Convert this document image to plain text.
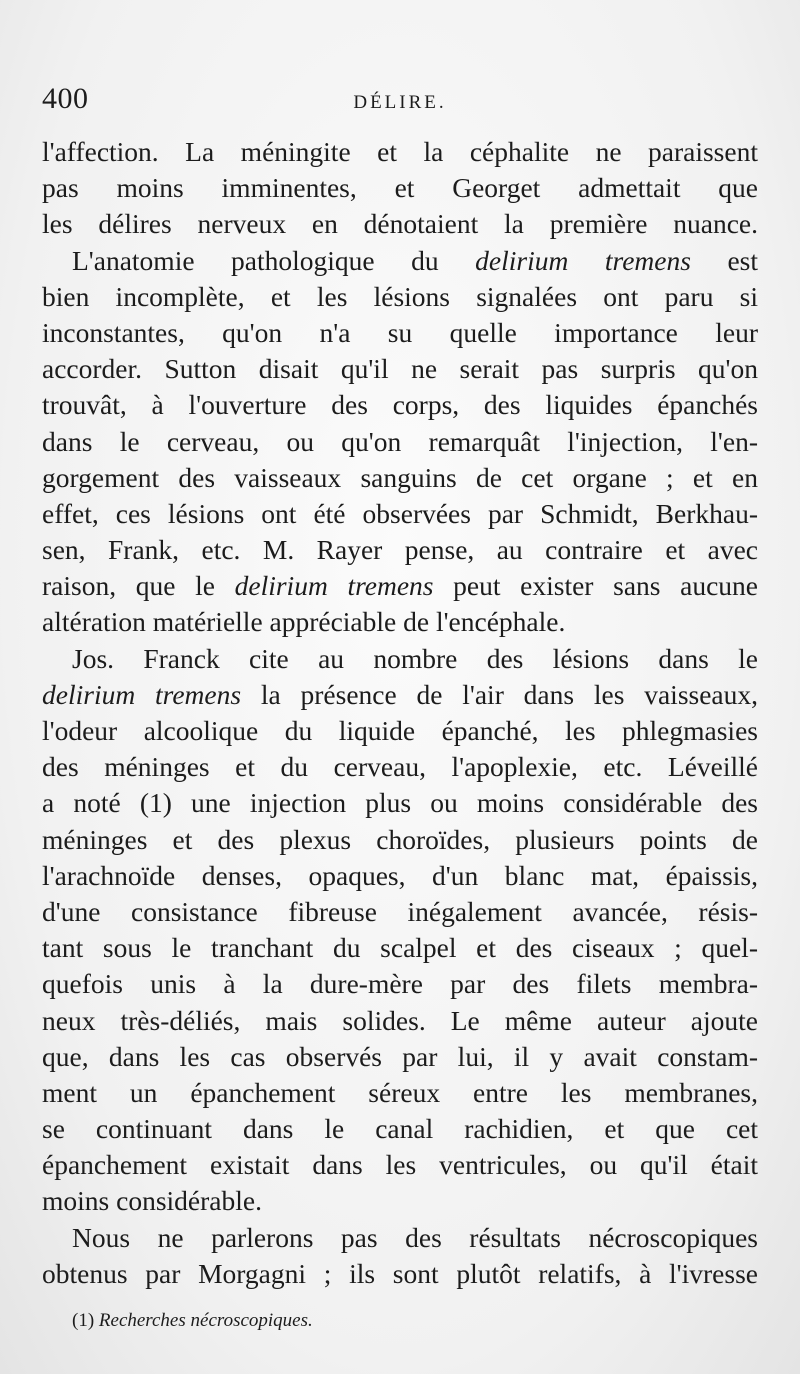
400	DÉLIRE.
l'affection. La méningite et la céphalite ne paraissent
pas moins imminentes, et Georget admettait que
les délires nerveux en dénotaient la première nuance.
L'anatomie pathologique du delirium tremens est
bien incomplète, et les lésions signalées ont paru si
inconstantes, qu'on n'a su quelle importance leur
accorder. Sutton disait qu'il ne serait pas surpris qu'on
trouvât, à l'ouverture des corps, des liquides épanchés
dans le cerveau, ou qu'on remarquât l'injection, l'en-
gorgement des vaisseaux sanguins de cet organe ; et en
effet, ces lésions ont été observées par Schmidt, Berkhau-
sen, Frank, etc. M. Rayer pense, au contraire et avec
raison, que le delirium tremens peut exister sans aucune
altération matérielle appréciable de l'encéphale.
Jos. Franck cite au nombre des lésions dans le
delirium tremens la présence de l'air dans les vaisseaux,
l'odeur alcoolique du liquide épanché, les phlegmasies
des méninges et du cerveau, l'apoplexie, etc. Léveillé
a noté (1) une injection plus ou moins considérable des
méninges et des plexus choroïdes, plusieurs points de
l'arachnoïde denses, opaques, d'un blanc mat, épaissis,
d'une consistance fibreuse inégalement avancée, résis-
tant sous le tranchant du scalpel et des ciseaux ; quel-
quefois unis à la dure-mère par des filets membra-
neux très-déliés, mais solides. Le même auteur ajoute
que, dans les cas observés par lui, il y avait constam-
ment un épanchement séreux entre les membranes,
se continuant dans le canal rachidien, et que cet
épanchement existait dans les ventricules, ou qu'il était
moins considérable.
Nous ne parlerons pas des résultats nécroscopiques
obtenus par Morgagni ; ils sont plutôt relatifs, à l'ivresse
(1) Recherches nécroscopiques.
